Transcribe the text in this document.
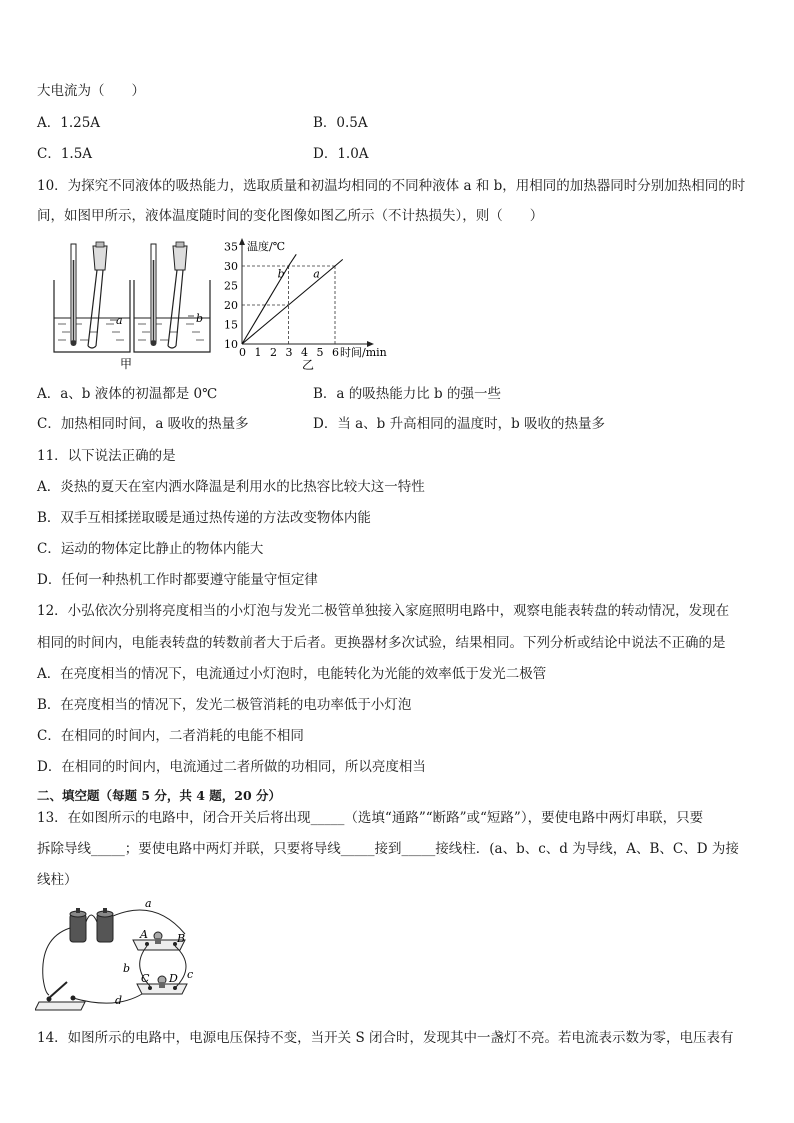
大电流为（　　）
A．1.25A	B．0.5A
C．1.5A	D．1.0A
10．为探究不同液体的吸热能力，选取质量和初温均相同的不同种液体 a 和 b，用相同的加热器同时分别加热相同的时
间，如图甲所示，液体温度随时间的变化图像如图乙所示（不计热损失），则（　　）
a	b
甲
温度/℃
时间/min
0 1 2 3 4 5 6
10
15
20
25
30
35
b	a
乙
A．a、b 液体的初温都是 0℃	B．a 的吸热能力比 b 的强一些
C．加热相同时间，a 吸收的热量多	D．当 a、b 升高相同的温度时，b 吸收的热量多
11．以下说法正确的是
A．炎热的夏天在室内洒水降温是利用水的比热容比较大这一特性
B．双手互相揉搓取暖是通过热传递的方法改变物体内能
C．运动的物体定比静止的物体内能大
D．任何一种热机工作时都要遵守能量守恒定律
12．小弘依次分别将亮度相当的小灯泡与发光二极管单独接入家庭照明电路中，观察电能表转盘的转动情况，发现在
相同的时间内，电能表转盘的转数前者大于后者。更换器材多次试验，结果相同。下列分析或结论中说法不正确的是
A．在亮度相当的情况下，电流通过小灯泡时，电能转化为光能的效率低于发光二极管
B．在亮度相当的情况下，发光二极管消耗的电功率低于小灯泡
C．在相同的时间内，二者消耗的电能不相同
D．在相同的时间内，电流通过二者所做的功相同，所以亮度相当
二、填空题（每题 5 分，共 4 题，20 分）
13．在如图所示的电路中，闭合开关后将出现_____（选填“通路”“断路”或“短路”），要使电路中两灯串联，只要
拆除导线_____；要使电路中两灯并联，只要将导线_____接到_____接线柱．(a、b、c、d 为导线，A、B、C、D 为接
线柱）
a
A	B
C D
b	c
d
14．如图所示的电路中，电源电压保持不变，当开关 S 闭合时，发现其中一盏灯不亮。若电流表示数为零，电压表有
